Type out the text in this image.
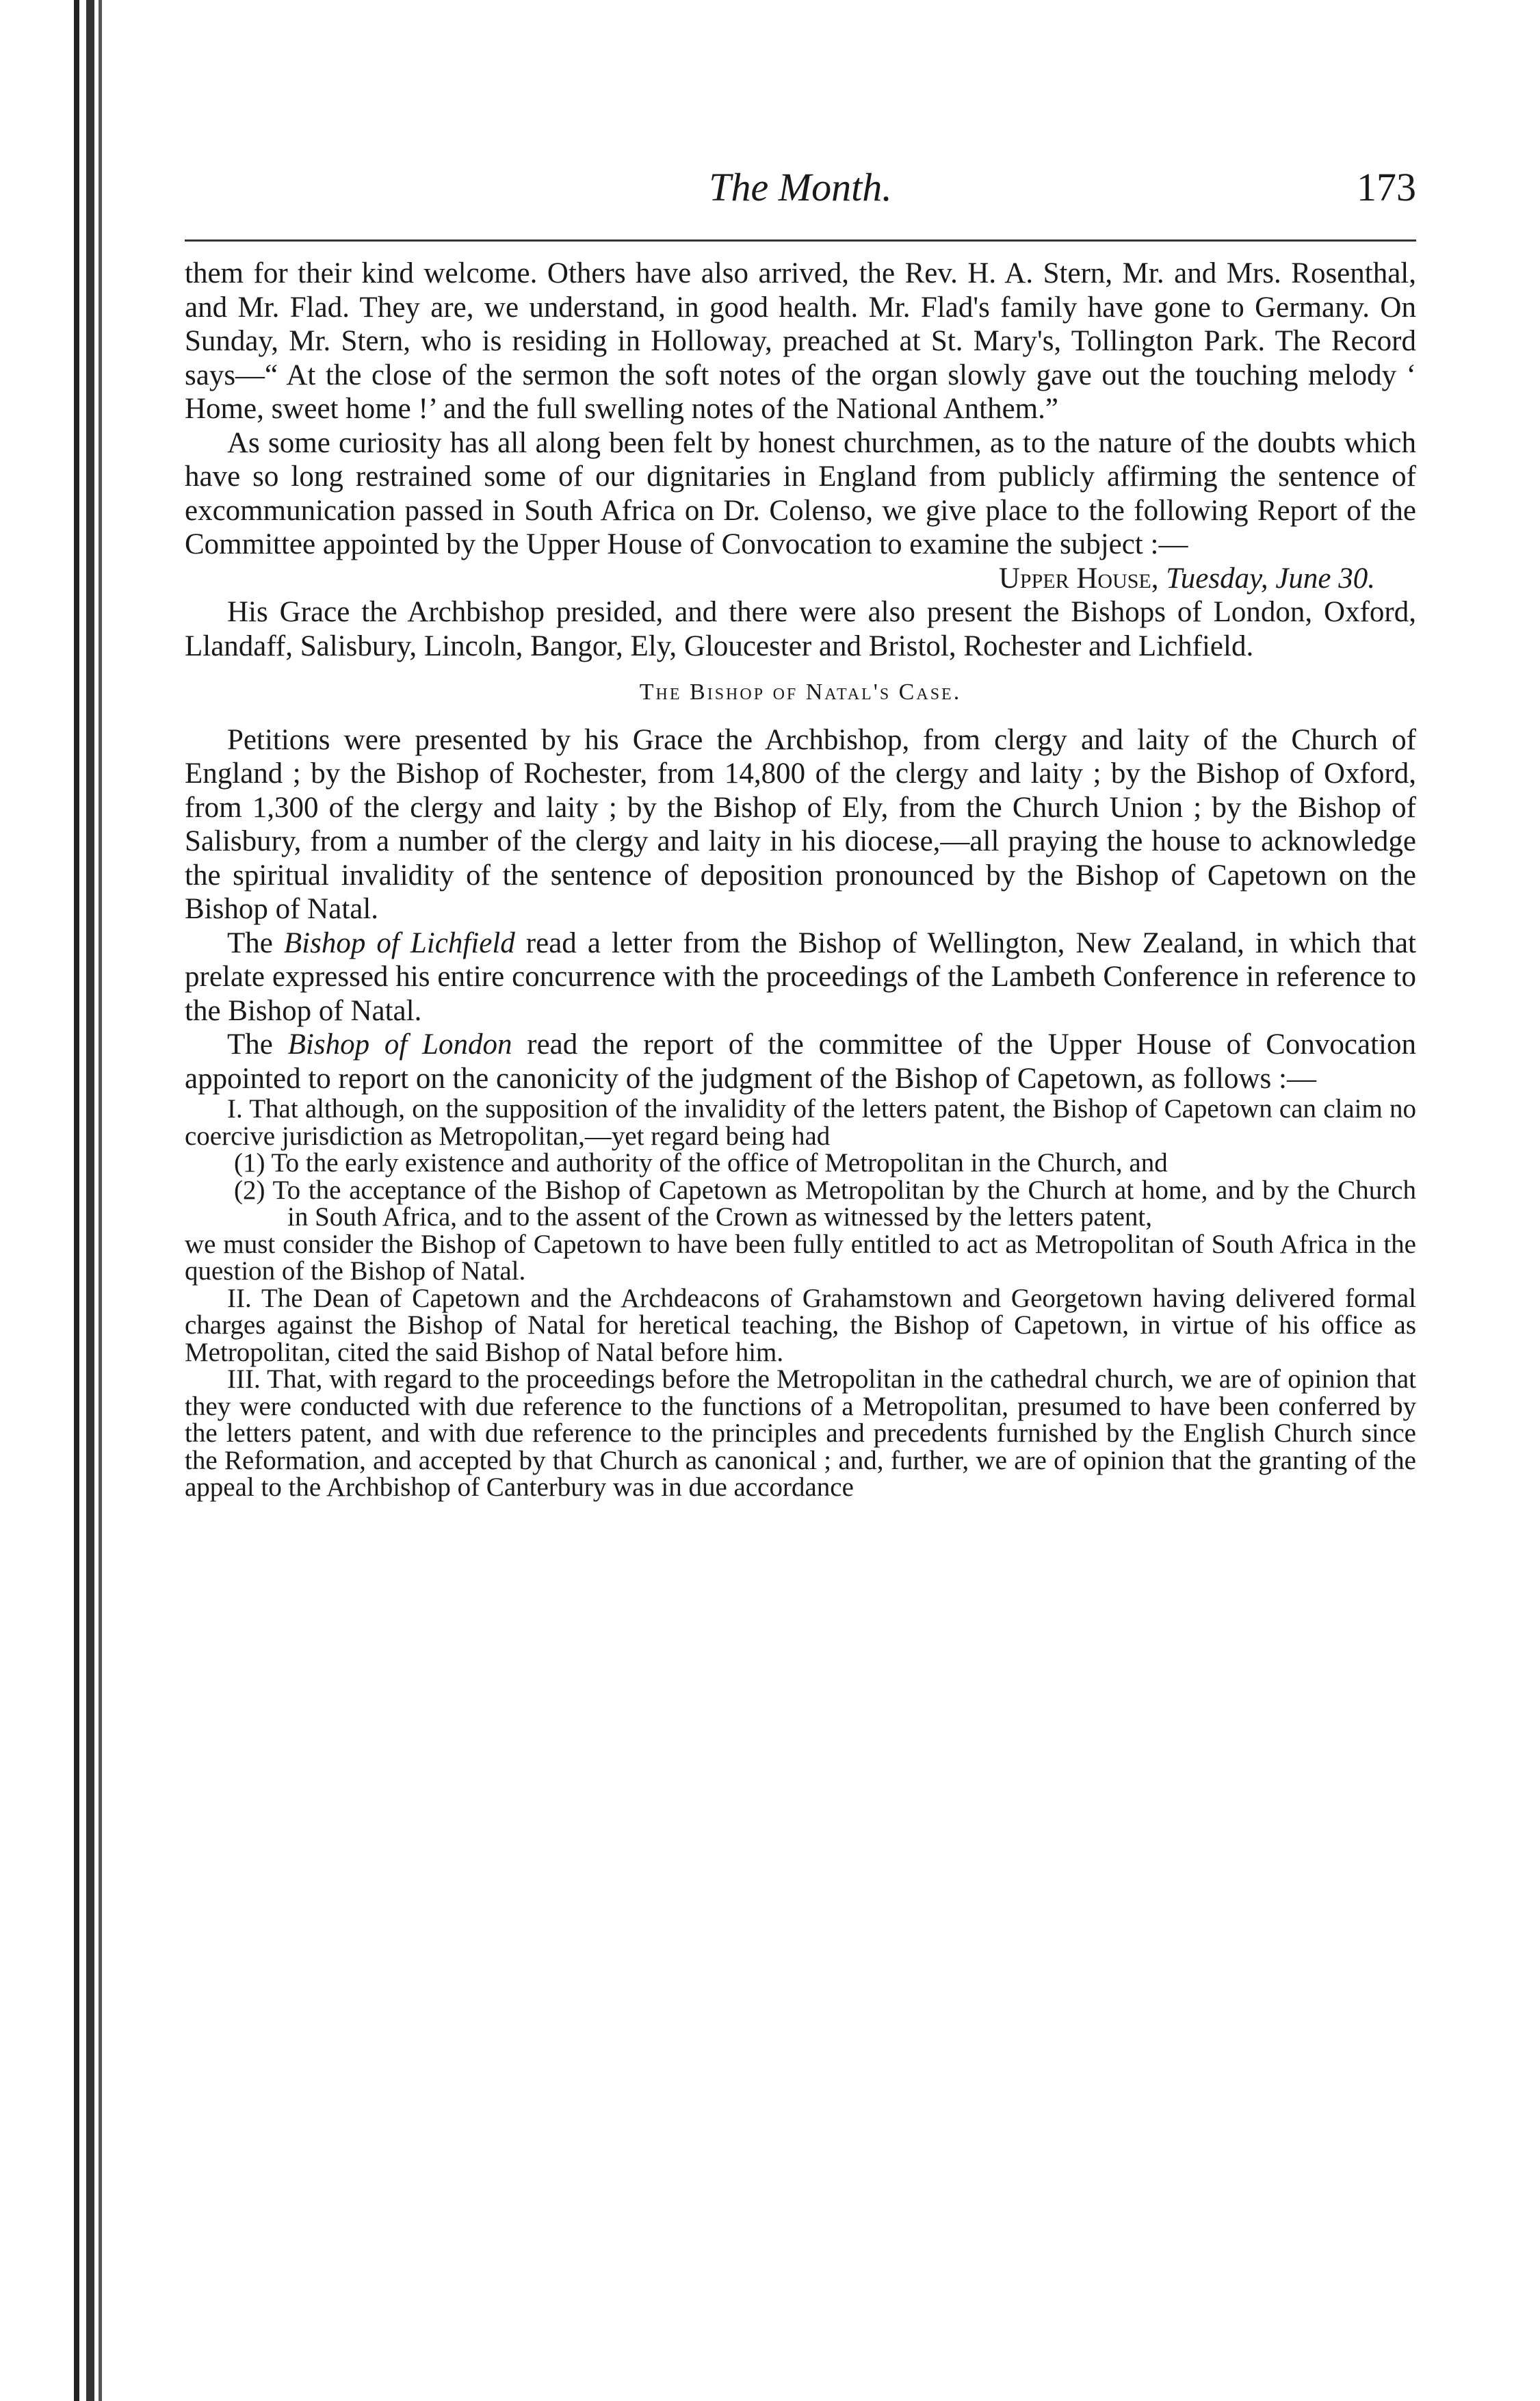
The Month.	173

them for their kind welcome. Others have also arrived, the Rev. H. A. Stern, Mr. and Mrs. Rosenthal, and Mr. Flad. They are, we understand, in good health. Mr. Flad's family have gone to Germany. On Sunday, Mr. Stern, who is residing in Holloway, preached at St. Mary's, Tollington Park. The Record says—“ At the close of the sermon the soft notes of the organ slowly gave out the touching melody ‘ Home, sweet home !’ and the full swelling notes of the National Anthem.”

As some curiosity has all along been felt by honest churchmen, as to the nature of the doubts which have so long restrained some of our dignitaries in England from publicly affirming the sentence of excommunication passed in South Africa on Dr. Colenso, we give place to the following Report of the Committee appointed by the Upper House of Convocation to examine the subject :—

Upper House, Tuesday, June 30.

His Grace the Archbishop presided, and there were also present the Bishops of London, Oxford, Llandaff, Salisbury, Lincoln, Bangor, Ely, Gloucester and Bristol, Rochester and Lichfield.

The Bishop of Natal's Case.

Petitions were presented by his Grace the Archbishop, from clergy and laity of the Church of England ; by the Bishop of Rochester, from 14,800 of the clergy and laity ; by the Bishop of Oxford, from 1,300 of the clergy and laity ; by the Bishop of Ely, from the Church Union ; by the Bishop of Salisbury, from a number of the clergy and laity in his diocese,—all praying the house to acknowledge the spiritual invalidity of the sentence of deposition pronounced by the Bishop of Capetown on the Bishop of Natal.

The Bishop of Lichfield read a letter from the Bishop of Wellington, New Zealand, in which that prelate expressed his entire concurrence with the proceedings of the Lambeth Conference in reference to the Bishop of Natal.

The Bishop of London read the report of the committee of the Upper House of Convocation appointed to report on the canonicity of the judgment of the Bishop of Capetown, as follows :—

I. That although, on the supposition of the invalidity of the letters patent, the Bishop of Capetown can claim no coercive jurisdiction as Metropolitan,—yet regard being had

(1) To the early existence and authority of the office of Metropolitan in the Church, and

(2) To the acceptance of the Bishop of Capetown as Metropolitan by the Church at home, and by the Church in South Africa, and to the assent of the Crown as witnessed by the letters patent,

we must consider the Bishop of Capetown to have been fully entitled to act as Metropolitan of South Africa in the question of the Bishop of Natal.

II. The Dean of Capetown and the Archdeacons of Grahamstown and Georgetown having delivered formal charges against the Bishop of Natal for heretical teaching, the Bishop of Capetown, in virtue of his office as Metropolitan, cited the said Bishop of Natal before him.

III. That, with regard to the proceedings before the Metropolitan in the cathedral church, we are of opinion that they were conducted with due reference to the functions of a Metropolitan, presumed to have been conferred by the letters patent, and with due reference to the principles and precedents furnished by the English Church since the Reformation, and accepted by that Church as canonical ; and, further, we are of opinion that the granting of the appeal to the Archbishop of Canterbury was in due accordance
